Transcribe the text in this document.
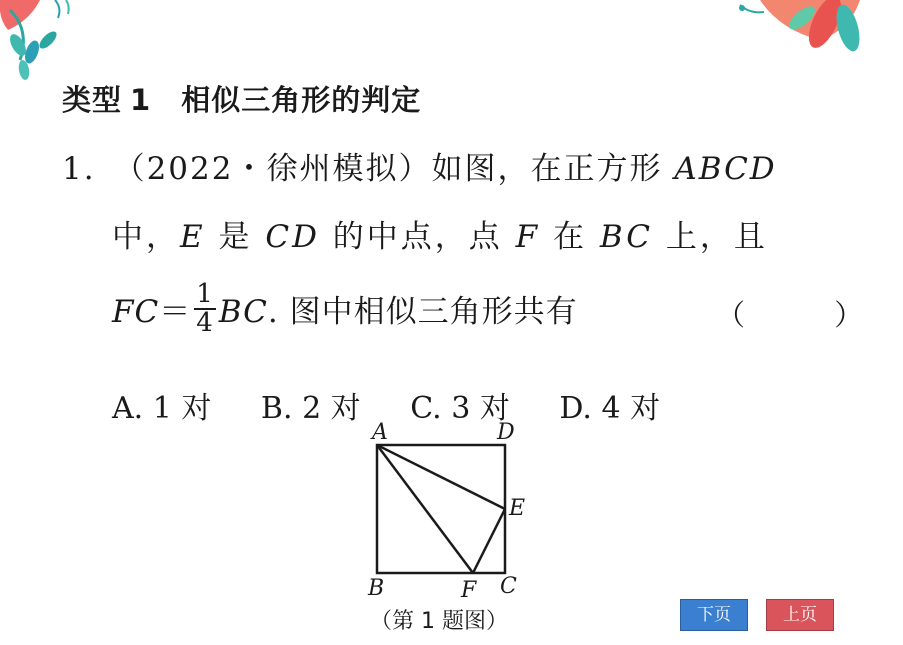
类型 1 相似三角形的判定
1. （2022・徐州模拟）如图，在正方形 ABCD
中，E 是 CD 的中点，点 F 在 BC 上，且
$FC= \frac{1}{4}$ BC. 图中相似三角形共有	（ ）
A. 1 对 B. 2 对 C. 3 对 D. 4 对
A	D
E
B	F C
（第 1 题图）	下页	上页
